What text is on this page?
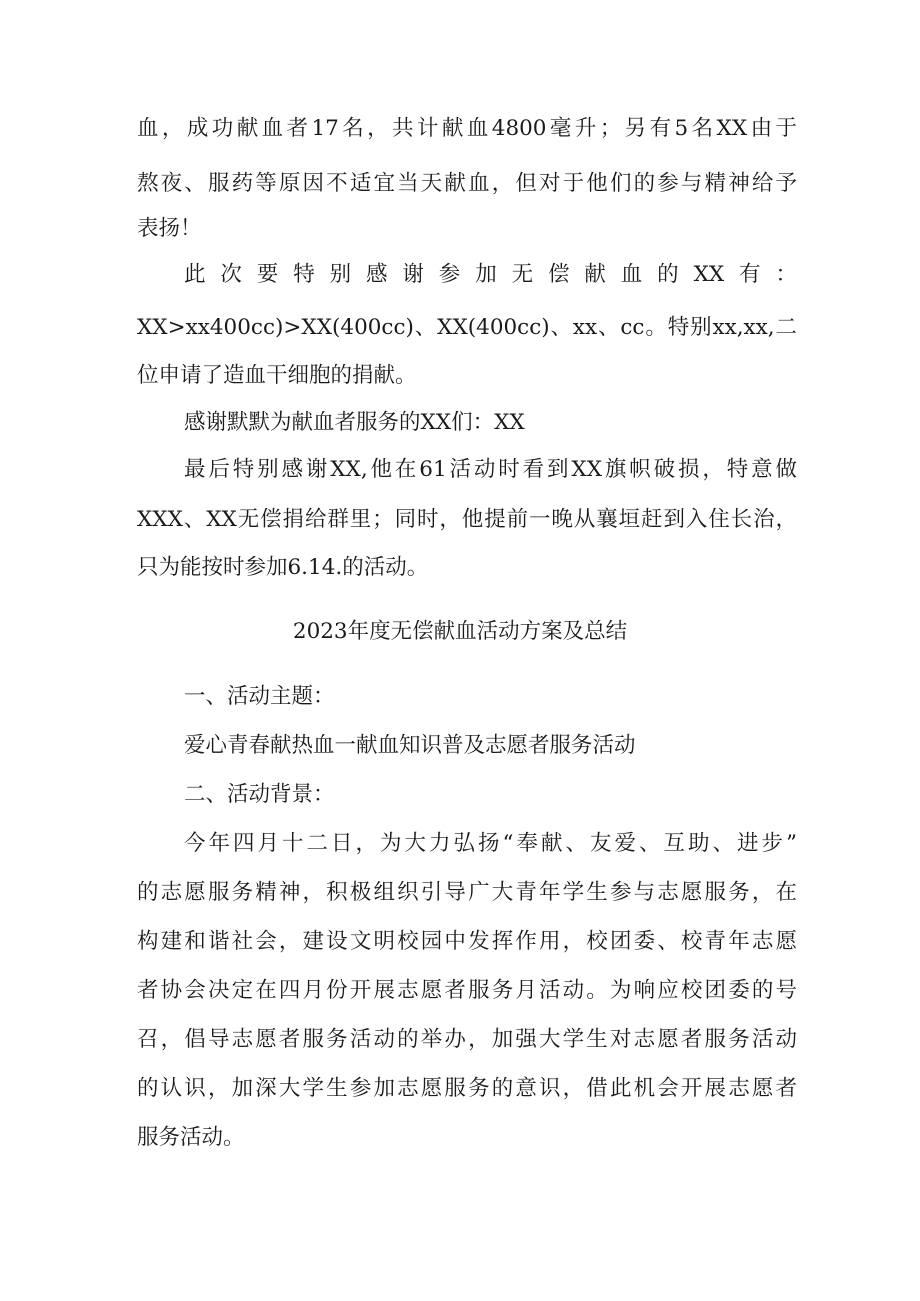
血，成功献血者17名，共计献血4800毫升；另有5名XX由于
熬夜、服药等原因不适宜当天献血，但对于他们的参与精神给予
表扬！
此次要特别感谢参加无偿献血的XX有：
XX>xx400cc)>XX(400cc)、XX(400cc)、xx、cc。特别xx,xx,二
位申请了造血干细胞的捐献。
感谢默默为献血者服务的XX们：XX
最后特别感谢XX,他在61活动时看到XX旗帜破损，特意做
XXX、XX无偿捐给群里；同时，他提前一晚从襄垣赶到入住长治，
只为能按时参加6.14.的活动。
2023年度无偿献血活动方案及总结
一、活动主题：
爱心青春献热血一献血知识普及志愿者服务活动
二、活动背景：
今年四月十二日，为大力弘扬“奉献、友爱、互助、进步”
的志愿服务精神，积极组织引导广大青年学生参与志愿服务，在
构建和谐社会，建设文明校园中发挥作用，校团委、校青年志愿
者协会决定在四月份开展志愿者服务月活动。为响应校团委的号
召，倡导志愿者服务活动的举办，加强大学生对志愿者服务活动
的认识，加深大学生参加志愿服务的意识，借此机会开展志愿者
服务活动。
